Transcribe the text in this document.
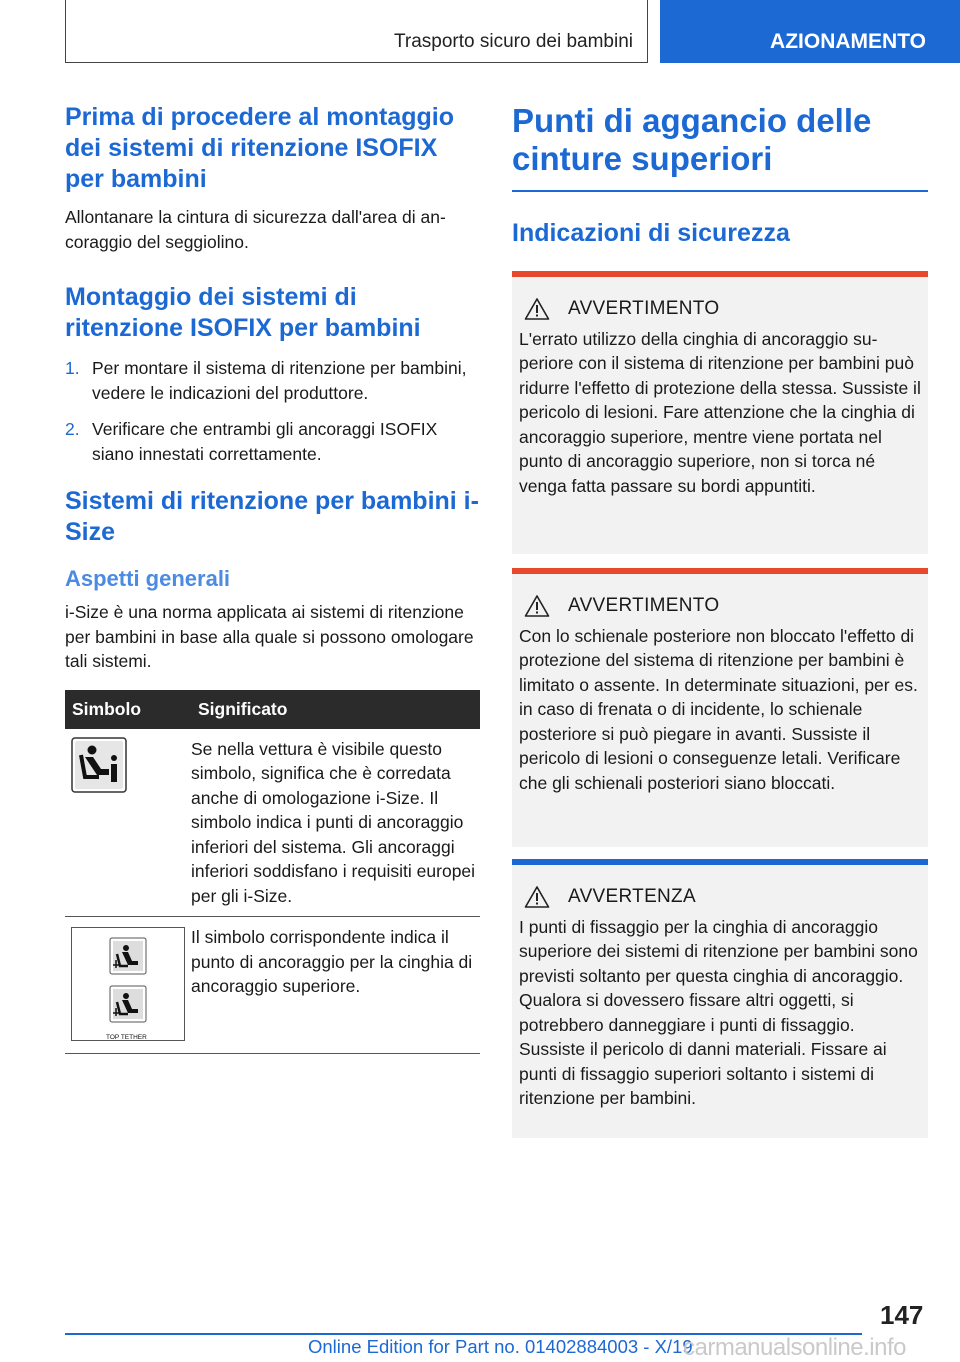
Trasporto sicuro dei bambini	AZIONAMENTO
Prima di procedere al montaggio dei sistemi di ritenzione ISOFIX per bambini

Allontanare la cintura di sicurezza dall'area di ancoraggio del seggiolino.

Montaggio dei sistemi di ritenzione ISOFIX per bambini
1. Per montare il sistema di ritenzione per bambini, vedere le indicazioni del produttore.
2. Verificare che entrambi gli ancoraggi ISOFIX siano innestati correttamente.
Sistemi di ritenzione per bambini i-Size
Aspetti generali

i-Size è una norma applicata ai sistemi di ritenzione per bambini in base alla quale si possono omologare tali sistemi.

Simbolo	Significato
	Se nella vettura è visibile questo simbolo, significa che è corredata anche di omologazione i-Size. Il simbolo indica i punti di ancoraggio inferiori del sistema. Gli ancoraggi inferiori soddisfano i requisiti europei per gli i-Size.

TOP TETHER	Il simbolo corrispondente indica il punto di ancoraggio per la cinghia di ancoraggio superiore.
Punti di aggancio delle cinture superiori
Indicazioni di sicurezza
AVVERTIMENTO

L'errato utilizzo della cinghia di ancoraggio superiore con il sistema di ritenzione per bambini può ridurre l'effetto di protezione della stessa. Sussiste il pericolo di lesioni. Fare attenzione che la cinghia di ancoraggio superiore, mentre viene portata nel punto di ancoraggio superiore, non si torca né venga fatta passare su bordi appuntiti.

AVVERTIMENTO

Con lo schienale posteriore non bloccato l'effetto di protezione del sistema di ritenzione per bambini è limitato o assente. In determinate situazioni, per es. in caso di frenata o di incidente, lo schienale posteriore si può piegare in avanti. Sussiste il pericolo di lesioni o conseguenze letali. Verificare che gli schienali posteriori siano bloccati.

AVVERTENZA

I punti di fissaggio per la cinghia di ancoraggio superiore dei sistemi di ritenzione per bambini sono previsti soltanto per questa cinghia di ancoraggio. Qualora si dovessero fissare altri oggetti, si potrebbero danneggiare i punti di fissaggio. Sussiste il pericolo di danni materiali. Fissare ai punti di fissaggio superiori soltanto i sistemi di ritenzione per bambini.

147
Online Edition for Part no. 01402884003 - X/19
carmanualsonline.info
